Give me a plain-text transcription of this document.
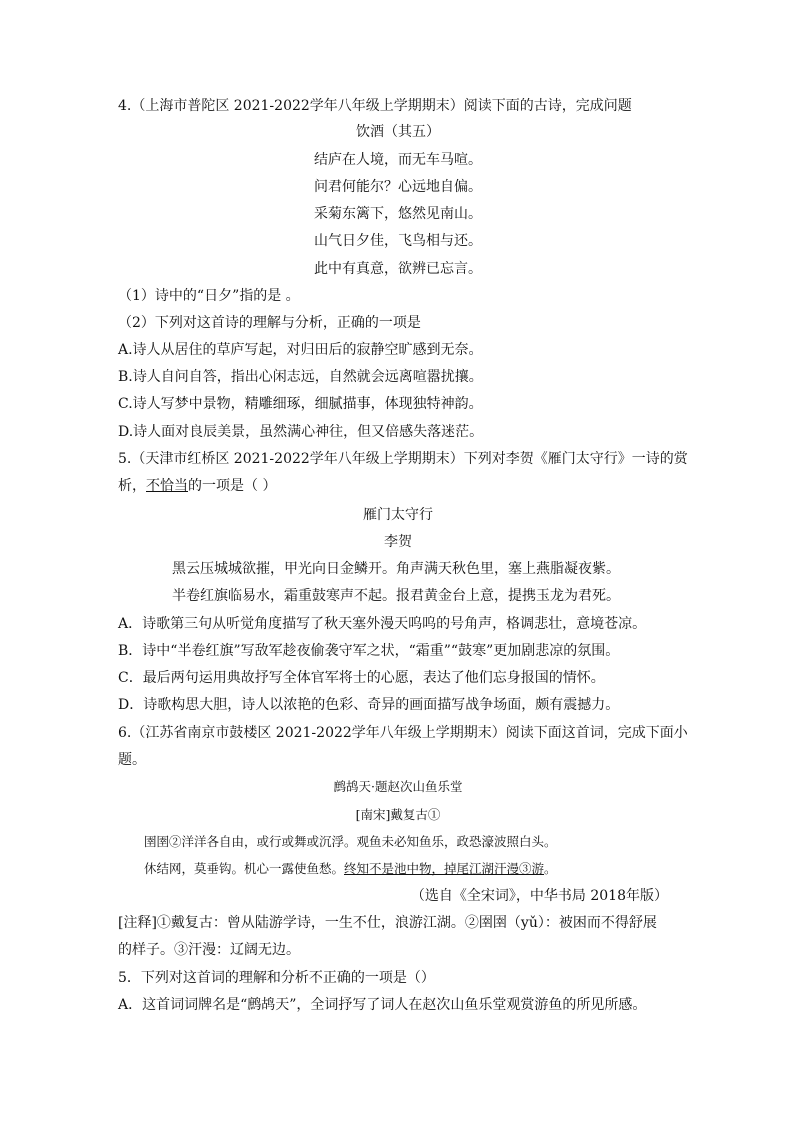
4.（上海市普陀区 2021-2022学年八年级上学期期末）阅读下面的古诗，完成问题
饮酒（其五）
结庐在人境，而无车马喧。
问君何能尔？心远地自偏。
采菊东篱下，悠然见南山。
山气日夕佳，飞鸟相与还。
此中有真意，欲辨已忘言。
（1）诗中的“日夕”指的是 。
（2）下列对这首诗的理解与分析，正确的一项是
A.诗人从居住的草庐写起，对归田后的寂静空旷感到无奈。
B.诗人自问自答，指出心闲志远，自然就会远离喧嚣扰攘。
C.诗人写梦中景物，精雕细琢，细腻描事，体现独特神韵。
D.诗人面对良辰美景，虽然满心神往，但又倍感失落迷茫。
5.（天津市红桥区 2021-2022学年八年级上学期期末）下列对李贺《雁门太守行》一诗的赏
析，不恰当的一项是（ ）
雁门太守行
李贺
黑云压城城欲摧，甲光向日金鳞开。角声满天秋色里，塞上燕脂凝夜紫。
半卷红旗临易水，霜重鼓寒声不起。报君黄金台上意，提携玉龙为君死。
A．诗歌第三句从听觉角度描写了秋天塞外漫天呜呜的号角声，格调悲壮，意境苍凉。
B．诗中“半卷红旗”写敌军趁夜偷袭守军之状，“霜重”“鼓寒”更加剧悲凉的氛围。
C．最后两句运用典故抒写全体官军将士的心愿，表达了他们忘身报国的情怀。
D．诗歌构思大胆，诗人以浓艳的色彩、奇异的画面描写战争场面，颇有震撼力。
6.（江苏省南京市鼓楼区 2021-2022学年八年级上学期期末）阅读下面这首词，完成下面小
题。
鹧鸪天·题赵次山鱼乐堂
[南宋]戴复古①
圉圉②洋洋各自由，或行或舞或沉浮。观鱼未必知鱼乐，政恐濠波照白头。
休结网，莫垂钩。机心一露使鱼愁。终知不是池中物，掉尾江湖汗漫③游。
（选自《全宋词》，中华书局 2018年版）
[注释]①戴复古：曾从陆游学诗，一生不仕，浪游江湖。②圉圉（yǔ）：被困而不得舒展
的样子。③汗漫：辽阔无边。
5．下列对这首词的理解和分析不正确的一项是（）
A．这首词词牌名是“鹧鸪天”，全词抒写了词人在赵次山鱼乐堂观赏游鱼的所见所感。
